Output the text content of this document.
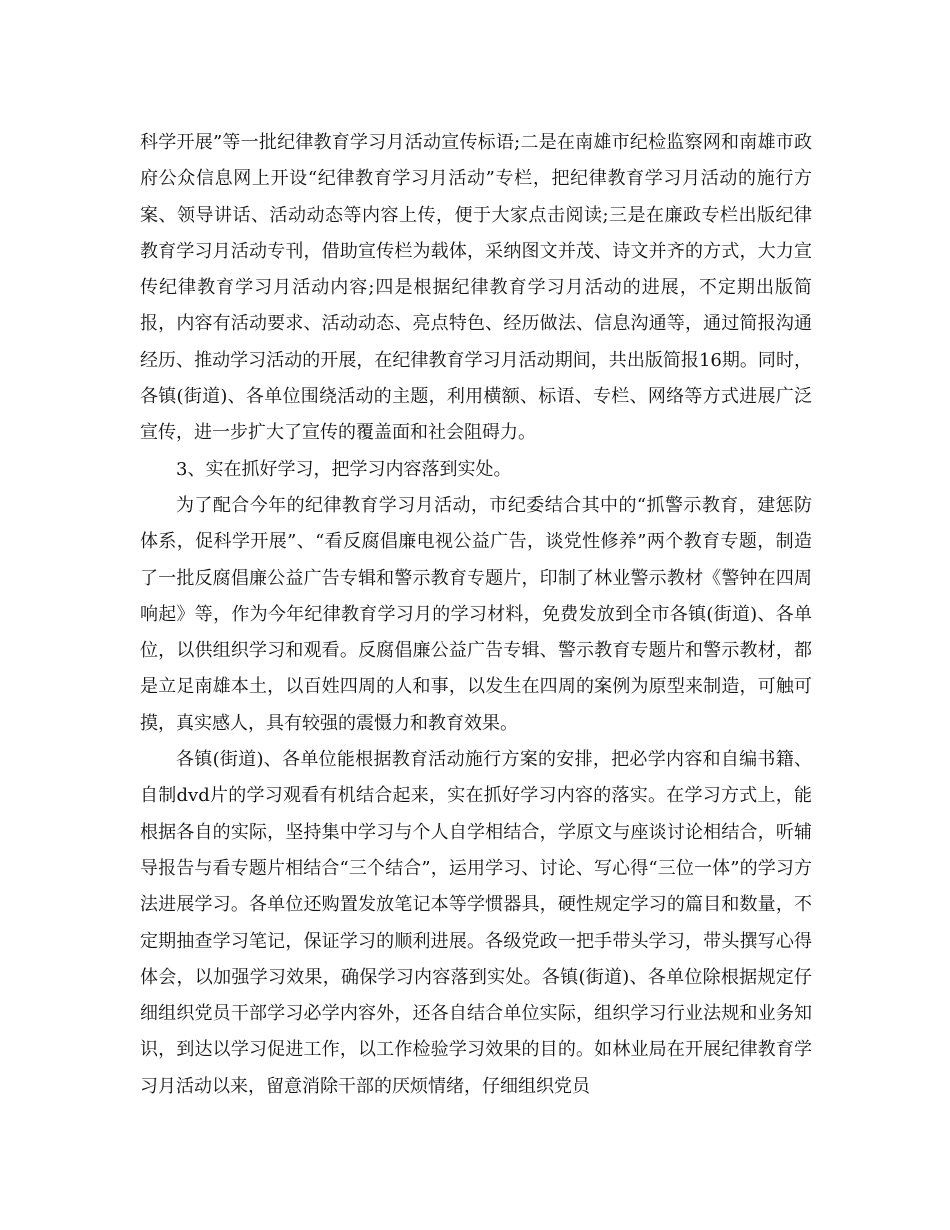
科学开展”等一批纪律教育学习月活动宣传标语;二是在南雄市纪检监察网和南雄市政府公众信息网上开设“纪律教育学习月活动”专栏，把纪律教育学习月活动的施行方案、领导讲话、活动动态等内容上传，便于大家点击阅读;三是在廉政专栏出版纪律教育学习月活动专刊，借助宣传栏为载体，采纳图文并茂、诗文并齐的方式，大力宣传纪律教育学习月活动内容;四是根据纪律教育学习月活动的进展，不定期出版简报，内容有活动要求、活动动态、亮点特色、经历做法、信息沟通等，通过简报沟通经历、推动学习活动的开展，在纪律教育学习月活动期间，共出版简报16期。同时，各镇(街道)、各单位围绕活动的主题，利用横额、标语、专栏、网络等方式进展广泛宣传，进一步扩大了宣传的覆盖面和社会阻碍力。

3、实在抓好学习，把学习内容落到实处。

为了配合今年的纪律教育学习月活动，市纪委结合其中的“抓警示教育，建惩防体系，促科学开展”、“看反腐倡廉电视公益广告，谈党性修养”两个教育专题，制造了一批反腐倡廉公益广告专辑和警示教育专题片，印制了林业警示教材《警钟在四周响起》等，作为今年纪律教育学习月的学习材料，免费发放到全市各镇(街道)、各单位，以供组织学习和观看。反腐倡廉公益广告专辑、警示教育专题片和警示教材，都是立足南雄本土，以百姓四周的人和事，以发生在四周的案例为原型来制造，可触可摸，真实感人，具有较强的震慑力和教育效果。

各镇(街道)、各单位能根据教育活动施行方案的安排，把必学内容和自编书籍、自制dvd片的学习观看有机结合起来，实在抓好学习内容的落实。在学习方式上，能根据各自的实际，坚持集中学习与个人自学相结合，学原文与座谈讨论相结合，听辅导报告与看专题片相结合“三个结合”，运用学习、讨论、写心得“三位一体”的学习方法进展学习。各单位还购置发放笔记本等学惯器具，硬性规定学习的篇目和数量，不定期抽查学习笔记，保证学习的顺利进展。各级党政一把手带头学习，带头撰写心得体会，以加强学习效果，确保学习内容落到实处。各镇(街道)、各单位除根据规定仔细组织党员干部学习必学内容外，还各自结合单位实际，组织学习行业法规和业务知识，到达以学习促进工作，以工作检验学习效果的目的。如林业局在开展纪律教育学习月活动以来，留意消除干部的厌烦情绪，仔细组织党员
